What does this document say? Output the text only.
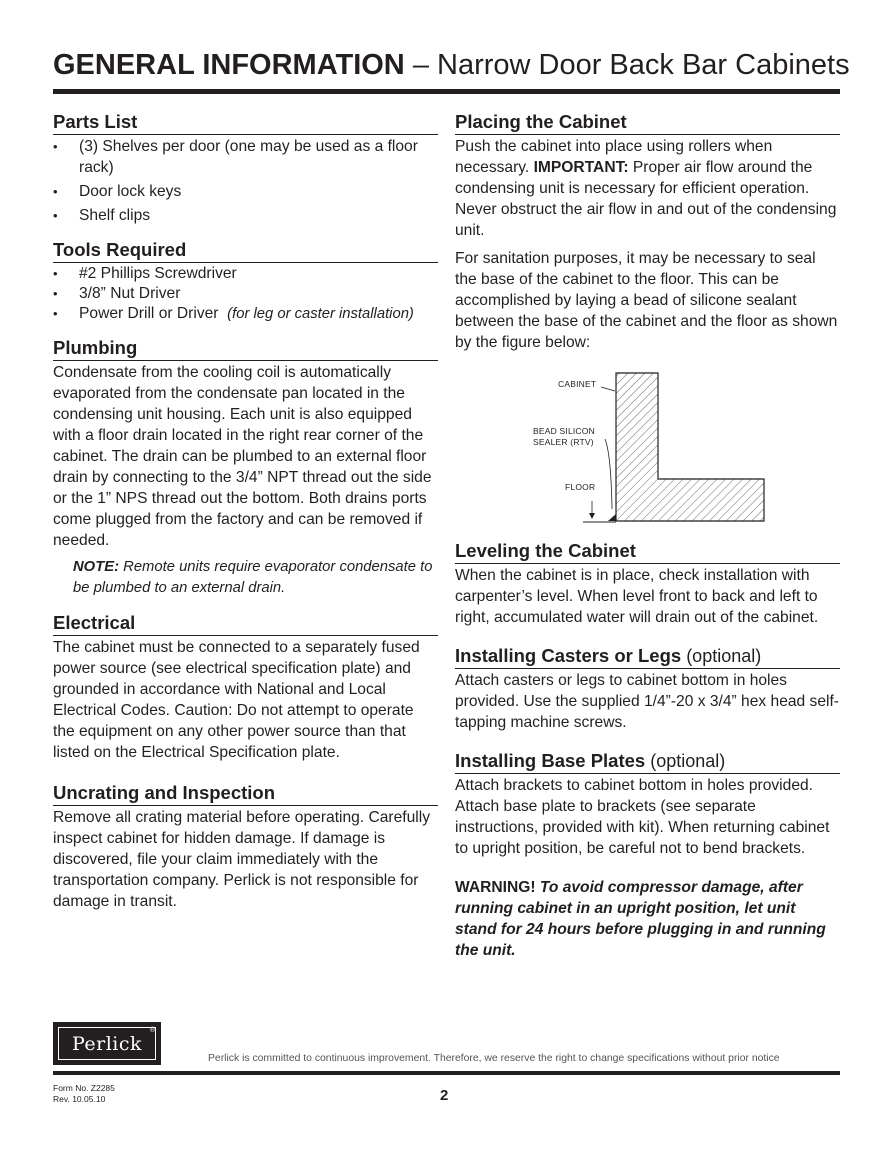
GENERAL INFORMATION – Narrow Door Back Bar Cabinets
Parts List
• (3) Shelves per door (one may be used as a floor rack)
• Door lock keys
• Shelf clips
Tools Required
• #2 Phillips Screwdriver
• 3/8” Nut Driver
• Power Drill or Driver (for leg or caster installation)
Plumbing

Condensate from the cooling coil is automatically evaporated from the condensate pan located in the condensing unit housing. Each unit is also equipped with a floor drain located in the right rear corner of the cabinet. The drain can be plumbed to an external floor drain by connecting to the 3/4” NPT thread out the side or the 1” NPS thread out the bottom. Both drains ports come plugged from the factory and can be removed if needed.

NOTE: Remote units require evaporator condensate to be plumbed to an external drain.

Electrical

The cabinet must be connected to a separately fused power source (see electrical specification plate) and grounded in accordance with National and Local Electrical Codes. Caution: Do not attempt to operate the equipment on any other power source than that listed on the Electrical Specification plate.

Uncrating and Inspection

Remove all crating material before operating. Carefully inspect cabinet for hidden damage. If damage is discovered, file your claim immediately with the transportation company. Perlick is not responsible for damage in transit.

Placing the Cabinet

Push the cabinet into place using rollers when necessary. IMPORTANT: Proper air flow around the condensing unit is necessary for efficient operation. Never obstruct the air flow in and out of the condensing unit.

For sanitation purposes, it may be necessary to seal the base of the cabinet to the floor. This can be accomplished by laying a bead of silicone sealant between the base of the cabinet and the floor as shown by the figure below:

CABINET
BEAD SILICON
SEALER (RTV)
FLOOR
Leveling the Cabinet

When the cabinet is in place, check installation with carpenter’s level. When level front to back and left to right, accumulated water will drain out of the cabinet.

Installing Casters or Legs (optional)

Attach casters or legs to cabinet bottom in holes provided. Use the supplied 1/4”-20 x 3/4” hex head self-tapping machine screws.

Installing Base Plates (optional)

Attach brackets to cabinet bottom in holes provided. Attach base plate to brackets (see separate instructions, provided with kit). When returning cabinet to upright position, be careful not to bend brackets.

WARNING! To avoid compressor damage, after running cabinet in an upright position, let unit stand for 24 hours before plugging in and running the unit.

Perlick
®
Perlick is committed to continuous improvement. Therefore, we reserve the right to change specifications without prior notice
Form No. Z2285
Rev. 10.05.10	2
